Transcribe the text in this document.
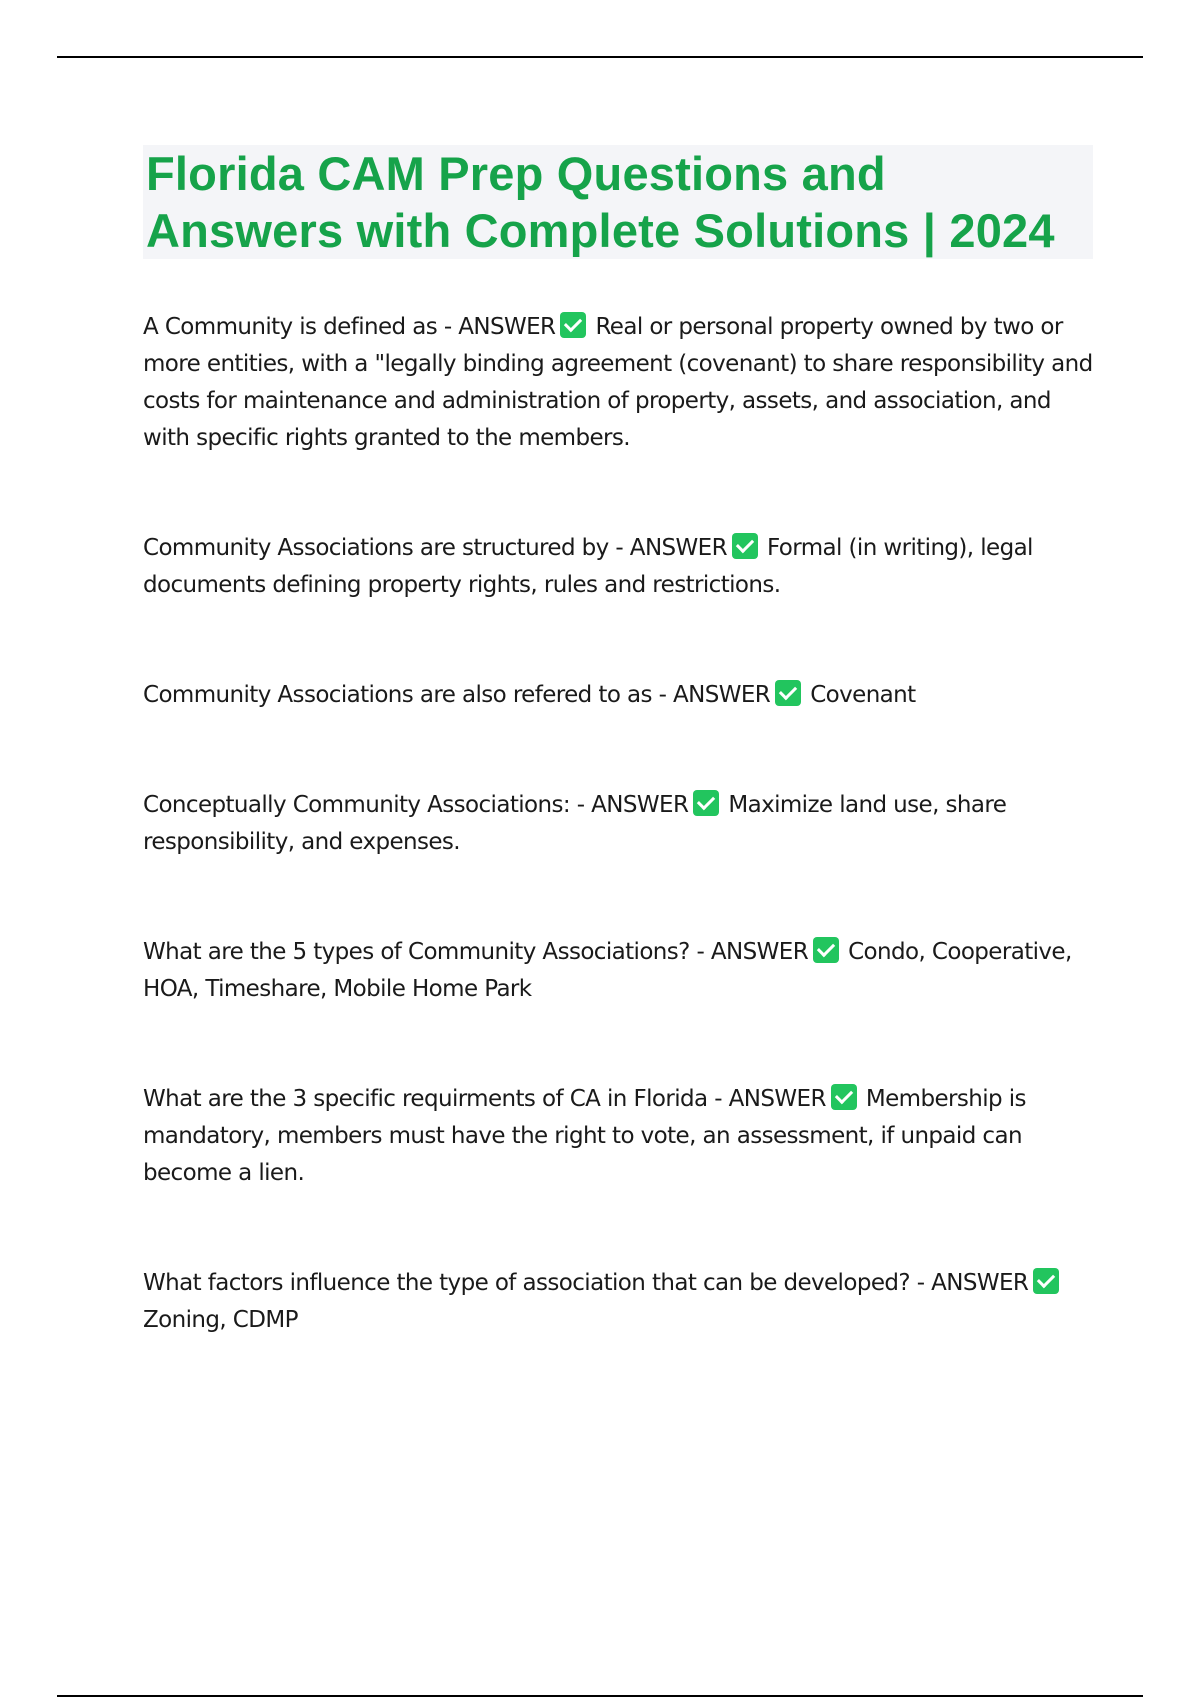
Florida CAM Prep Questions and Answers with Complete Solutions | 2024

A Community is defined as - ANSWER Real or personal property owned by two or more entities, with a "legally binding agreement (covenant) to share responsibility and costs for maintenance and administration of property, assets, and association, and with specific rights granted to the members.

Community Associations are structured by - ANSWER Formal (in writing), legal documents defining property rights, rules and restrictions.

Community Associations are also refered to as - ANSWER Covenant

Conceptually Community Associations: - ANSWER Maximize land use, share responsibility, and expenses.

What are the 5 types of Community Associations? - ANSWER Condo, Cooperative, HOA, Timeshare, Mobile Home Park

What are the 3 specific requirments of CA in Florida - ANSWER Membership is mandatory, members must have the right to vote, an assessment, if unpaid can become a lien.

What factors influence the type of association that can be developed? - ANSWERZoning, CDMP
